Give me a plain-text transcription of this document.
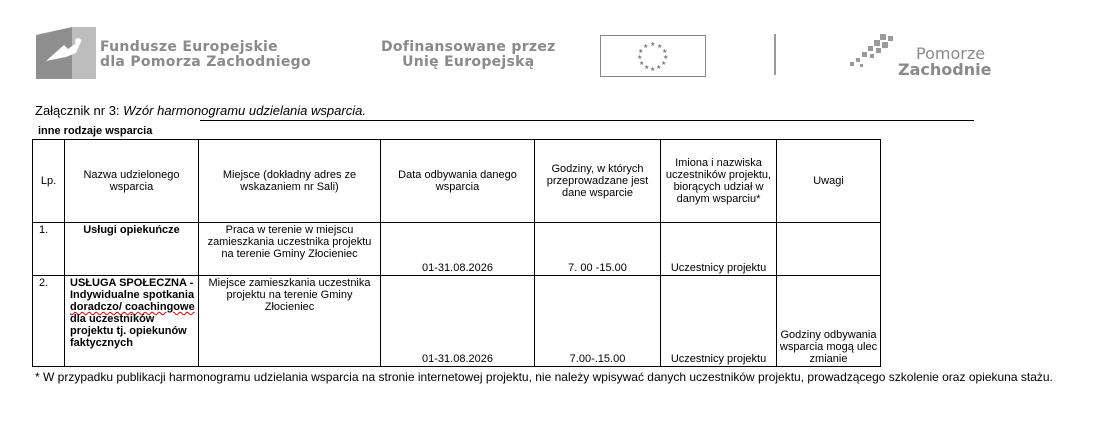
Fundusze Europejskie
dla Pomorza Zachodniego
Dofinansowane przez
Unię Europejską
★ ★
★
★
★
★
★
★
★
★
★
★	Pomorze
Zachodnie
Załącznik nr 3: Wzór harmonogramu udzielania wsparcia.
inne rodzaje wsparcia
Lp.	Nazwa udzielonego wsparcia	Miejsce (dokładny adres ze wskazaniem nr Sali)	Data odbywania danego wsparcia	Godziny, w których przeprowadzane jest dane wsparcie	Imiona i nazwiska uczestników projektu, biorących udział w danym wsparciu*	Uwagi
1.	Usługi opiekuńcze	Praca w terenie w miejscu zamieszkania uczestnika projektu na terenie Gminy Złocieniec	01-31.08.2026	7. 00 -15.00	Uczestnicy projektu	
2.	USŁUGA SPOŁECZNA - Indywidualne spotkania doradczo/ coachingowe dla uczestników projektu tj. opiekunów faktycznych	Miejsce zamieszkania uczestnika projektu na terenie Gminy Złocieniec	01-31.08.2026	7.00-.15.00	Uczestnicy projektu	Godziny odbywania wsparcia mogą ulec zmianie
* W przypadku publikacji harmonogramu udzielania wsparcia na stronie internetowej projektu, nie należy wpisywać danych uczestników projektu, prowadzącego szkolenie oraz opiekuna stażu.
